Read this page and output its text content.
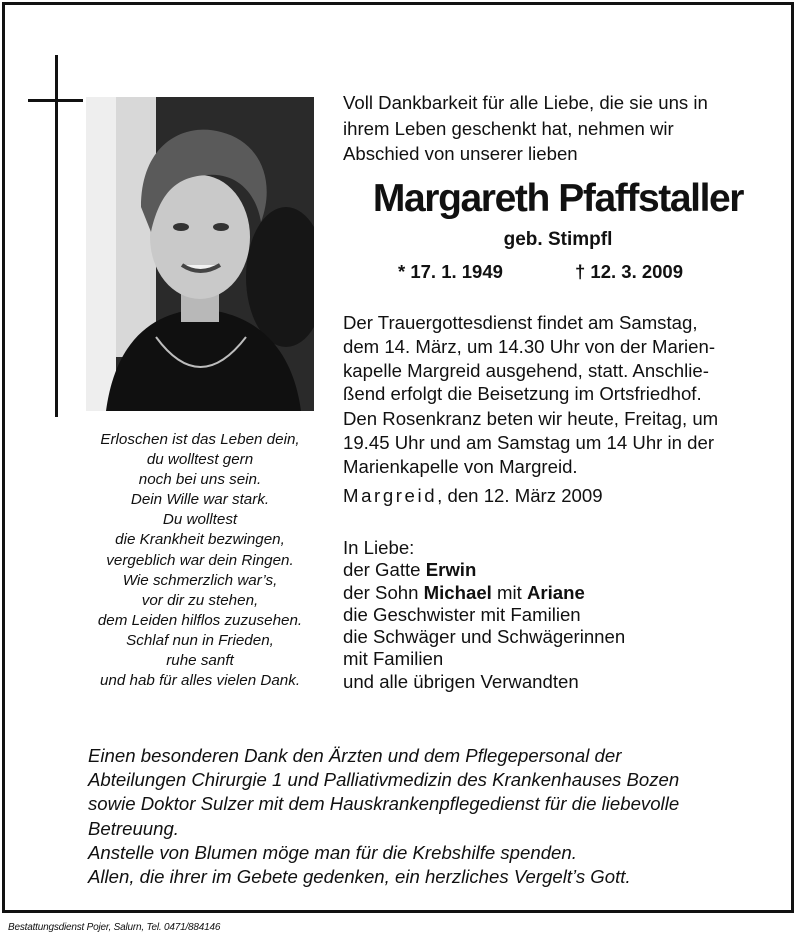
Erloschen ist das Leben dein,
du wolltest gern
noch bei uns sein.
Dein Wille war stark.
Du wolltest
die Krankheit bezwingen,
vergeblich war dein Ringen.
Wie schmerzlich war’s,
vor dir zu stehen,
dem Leiden hilflos zuzusehen.
Schlaf nun in Frieden,
ruhe sanft
und hab für alles vielen Dank.
Voll Dankbarkeit für alle Liebe, die sie uns in
ihrem Leben geschenkt hat, nehmen wir
Abschied von unserer lieben
Margareth Pfaffstaller
geb. Stimpfl
* 17. 1. 1949	† 12. 3. 2009
Der Trauergottesdienst findet am Samstag,
dem 14. März, um 14.30 Uhr von der Marien-
kapelle Margreid ausgehend, statt. Anschlie-
ßend erfolgt die Beisetzung im Ortsfriedhof.
Den Rosenkranz beten wir heute, Freitag, um
19.45 Uhr und am Samstag um 14 Uhr in der
Marienkapelle von Margreid.
Margreid, den 12. März 2009
In Liebe:
der Gatte Erwin
der Sohn Michael mit Ariane
die Geschwister mit Familien
die Schwäger und Schwägerinnen
mit Familien
und alle übrigen Verwandten
Einen besonderen Dank den Ärzten und dem Pflegepersonal der
Abteilungen Chirurgie 1 und Palliativmedizin des Krankenhauses Bozen
sowie Doktor Sulzer mit dem Hauskrankenpflegedienst für die liebevolle
Betreuung.
Anstelle von Blumen möge man für die Krebshilfe spenden.
Allen, die ihrer im Gebete gedenken, ein herzliches Vergelt’s Gott.
Bestattungsdienst Pojer, Salurn, Tel. 0471/884146
